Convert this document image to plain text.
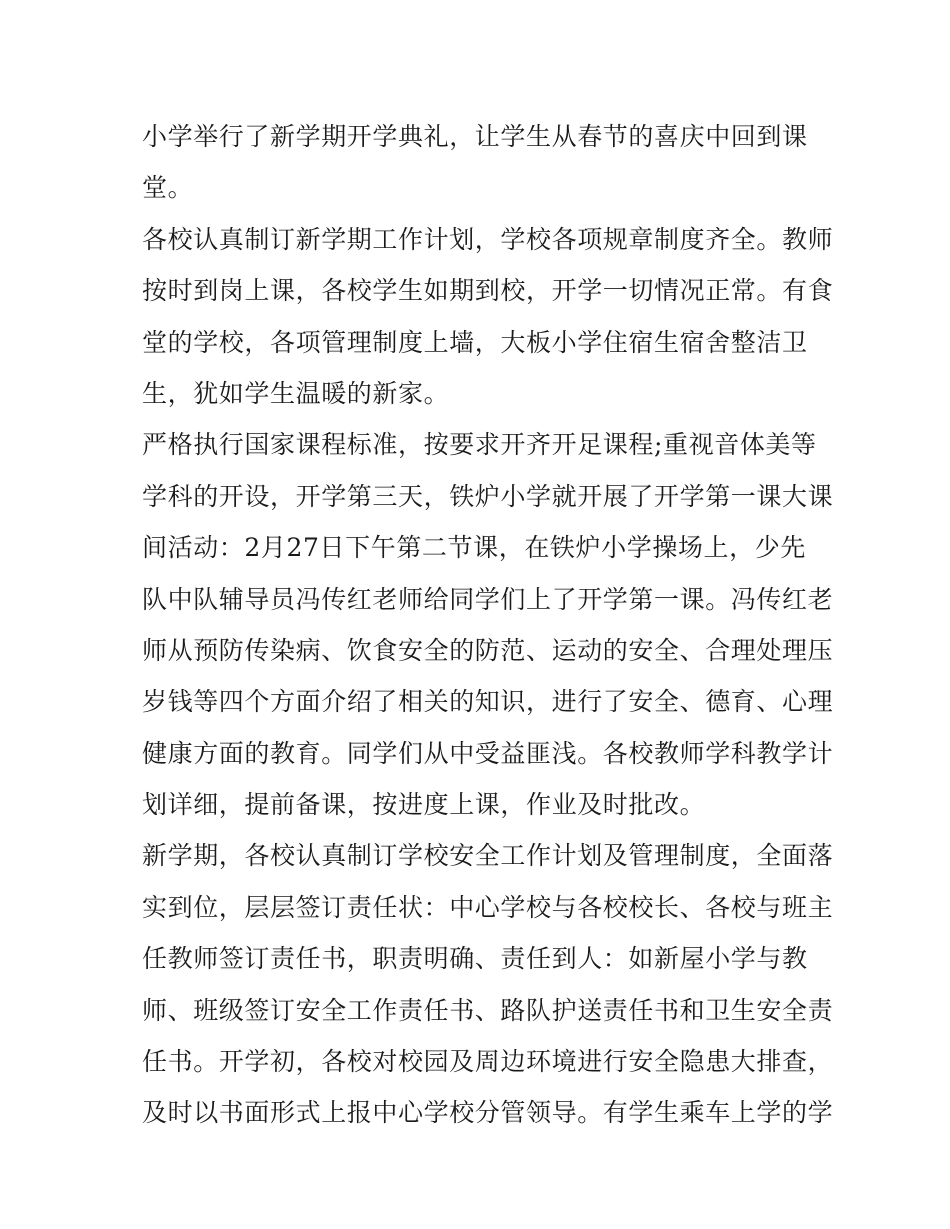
小学举行了新学期开学典礼，让学生从春节的喜庆中回到课
堂。
各校认真制订新学期工作计划，学校各项规章制度齐全。教师
按时到岗上课，各校学生如期到校，开学一切情况正常。有食
堂的学校，各项管理制度上墙，大板小学住宿生宿舍整洁卫
生，犹如学生温暖的新家。
严格执行国家课程标准，按要求开齐开足课程;重视音体美等
学科的开设，开学第三天，铁炉小学就开展了开学第一课大课
间活动：2月27日下午第二节课，在铁炉小学操场上，少先
队中队辅导员冯传红老师给同学们上了开学第一课。冯传红老
师从预防传染病、饮食安全的防范、运动的安全、合理处理压
岁钱等四个方面介绍了相关的知识，进行了安全、德育、心理
健康方面的教育。同学们从中受益匪浅。各校教师学科教学计
划详细，提前备课，按进度上课，作业及时批改。
新学期，各校认真制订学校安全工作计划及管理制度，全面落
实到位，层层签订责任状：中心学校与各校校长、各校与班主
任教师签订责任书，职责明确、责任到人：如新屋小学与教
师、班级签订安全工作责任书、路队护送责任书和卫生安全责
任书。开学初，各校对校园及周边环境进行安全隐患大排查，
及时以书面形式上报中心学校分管领导。有学生乘车上学的学
